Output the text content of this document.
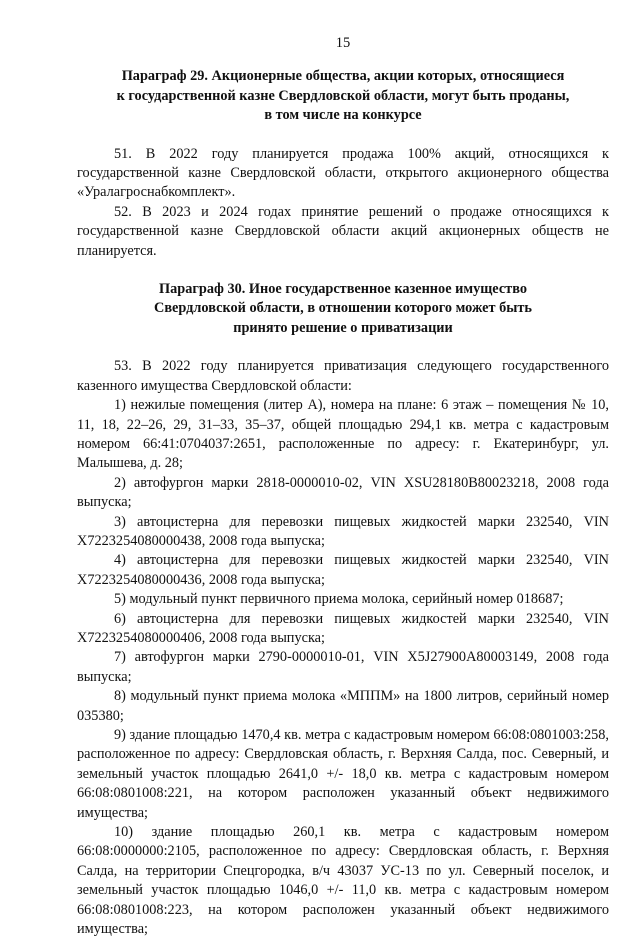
15
Параграф 29. Акционерные общества, акции которых, относящиеся
к государственной казне Свердловской области, могут быть проданы,
в том числе на конкурсе

51. В 2022 году планируется продажа 100% акций, относящихся к государственной казне Свердловской области, открытого акционерного общества «Уралагроснабкомплект».

52. В 2023 и 2024 годах принятие решений о продаже относящихся к государственной казне Свердловской области акций акционерных обществ не планируется.

Параграф 30. Иное государственное казенное имущество
Свердловской области, в отношении которого может быть
принято решение о приватизации

53. В 2022 году планируется приватизация следующего государственного казенного имущества Свердловской области:

1) нежилые помещения (литер А), номера на плане: 6 этаж – помещения № 10, 11, 18, 22–26, 29, 31–33, 35–37, общей площадью 294,1 кв. метра с кадастровым номером 66:41:0704037:2651, расположенные по адресу: г. Екатеринбург, ул. Малышева, д. 28;

2) автофургон марки 2818-0000010-02, VIN XSU28180B80023218, 2008 года выпуска;

3) автоцистерна для перевозки пищевых жидкостей марки 232540, VIN X7223254080000438, 2008 года выпуска;

4) автоцистерна для перевозки пищевых жидкостей марки 232540, VIN X7223254080000436, 2008 года выпуска;

5) модульный пункт первичного приема молока, серийный номер 018687;

6) автоцистерна для перевозки пищевых жидкостей марки 232540, VIN X7223254080000406, 2008 года выпуска;

7) автофургон марки 2790-0000010-01, VIN X5J27900A80003149, 2008 года выпуска;

8) модульный пункт приема молока «МППМ» на 1800 литров, серийный номер 035380;

9) здание площадью 1470,4 кв. метра с кадастровым номером 66:08:0801003:258, расположенное по адресу: Свердловская область, г. Верхняя Салда, пос. Северный, и земельный участок площадью 2641,0 +/- 18,0 кв. метра с кадастровым номером 66:08:0801008:221, на котором расположен указанный объект недвижимого имущества;

10) здание площадью 260,1 кв. метра с кадастровым номером 66:08:0000000:2105, расположенное по адресу: Свердловская область, г. Верхняя Салда, на территории Спецгородка, в/ч 43037 УС-13 по ул. Северный поселок, и земельный участок площадью 1046,0 +/- 11,0 кв. метра с кадастровым номером 66:08:0801008:223, на котором расположен указанный объект недвижимого имущества;
